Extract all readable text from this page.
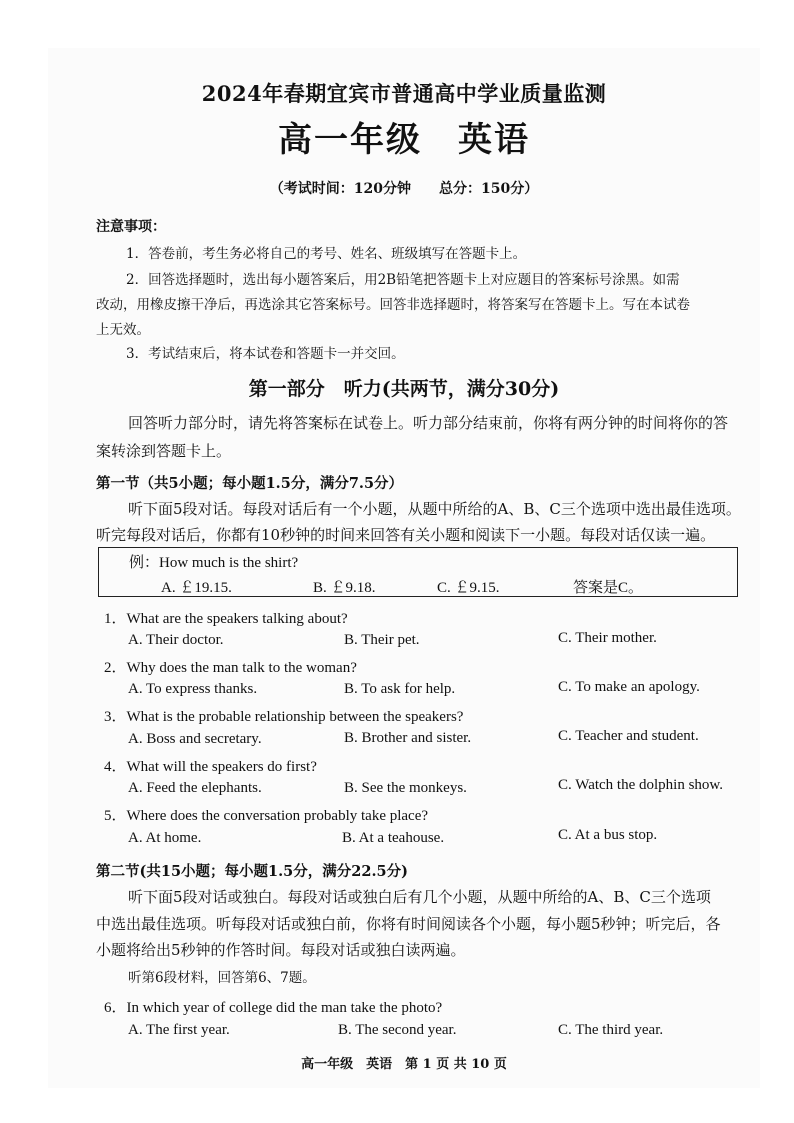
2024年春期宜宾市普通高中学业质量监测
高一年级　英语
（考试时间：120分钟　　总分：150分）
注意事项：
1．答卷前，考生务必将自己的考号、姓名、班级填写在答题卡上。
2．回答选择题时，选出每小题答案后，用2B铅笔把答题卡上对应题目的答案标号涂黑。如需
改动，用橡皮擦干净后，再选涂其它答案标号。回答非选择题时，将答案写在答题卡上。写在本试卷
上无效。
3．考试结束后，将本试卷和答题卡一并交回。
第一部分　听力(共两节，满分30分)
回答听力部分时，请先将答案标在试卷上。听力部分结束前，你将有两分钟的时间将你的答
案转涂到答题卡上。
第一节（共5小题；每小题1.5分，满分7.5分）
听下面5段对话。每段对话后有一个小题，从题中所给的A、B、C三个选项中选出最佳选项。
听完每段对话后，你都有10秒钟的时间来回答有关小题和阅读下一小题。每段对话仅读一遍。
例：How much is the shirt?
A. ￡19.15.	B. ￡9.18.	C. ￡9.15.	答案是C。
1．What are the speakers talking about?
A. Their doctor.	B. Their pet.	C. Their mother.
2．Why does the man talk to the woman?
A. To express thanks.	B. To ask for help.	C. To make an apology.
3．What is the probable relationship between the speakers?
A. Boss and secretary.	B. Brother and sister.	C. Teacher and student.
4．What will the speakers do first?
A. Feed the elephants.	B. See the monkeys.	C. Watch the dolphin show.
5．Where does the conversation probably take place?
A. At home.	B. At a teahouse.	C. At a bus stop.
第二节(共15小题；每小题1.5分，满分22.5分)
听下面5段对话或独白。每段对话或独白后有几个小题，从题中所给的A、B、C三个选项
中选出最佳选项。听每段对话或独白前，你将有时间阅读各个小题，每小题5秒钟；听完后，各
小题将给出5秒钟的作答时间。每段对话或独白读两遍。
听第6段材料，回答第6、7题。
6．In which year of college did the man take the photo?
A. The first year.	B. The second year.	C. The third year.
高一年级　英语　第 1 页 共 10 页
